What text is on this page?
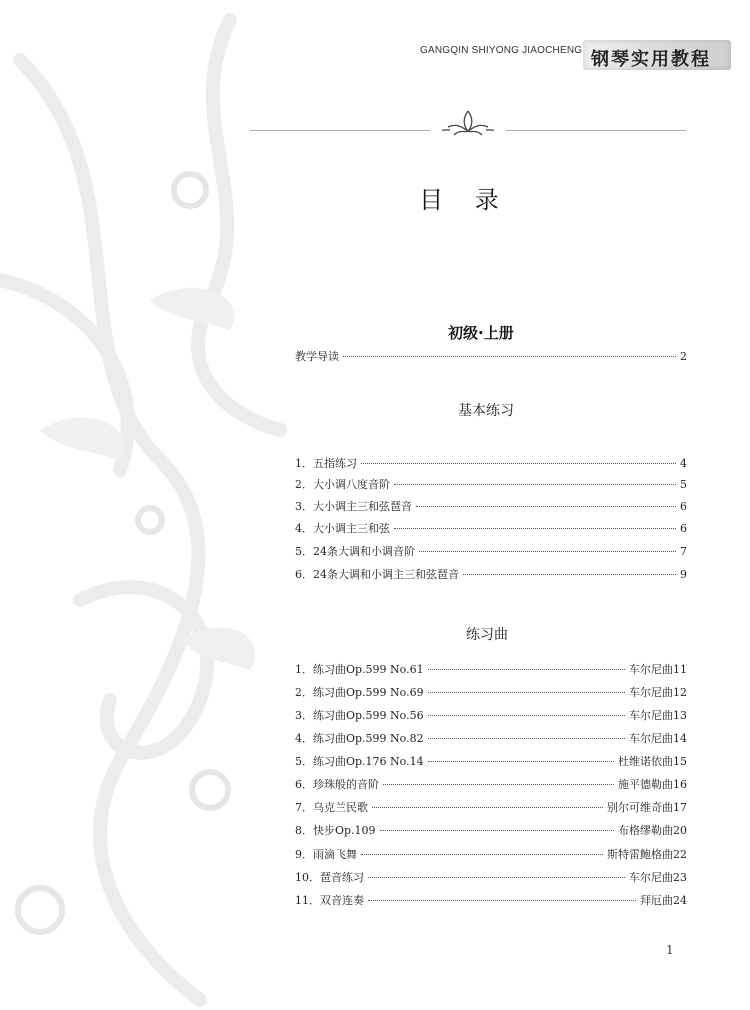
GANGQIN SHIYONG JIAOCHENG 钢琴实用教程
目 录
初级·上册
教学导读	2
基本练习
1．五指练习	4
2．大小调八度音阶	5
3．大小调主三和弦琶音	6
4．大小调主三和弦	6
5．24条大调和小调音阶	7
6．24条大调和小调主三和弦琶音	9
练习曲
1．练习曲Op.599 No.61	车尔尼曲11
2．练习曲Op.599 No.69	车尔尼曲12
3．练习曲Op.599 No.56	车尔尼曲13
4．练习曲Op.599 No.82	车尔尼曲14
5．练习曲Op.176 No.14	杜维诺依曲15
6．珍珠般的音阶	施平德勒曲16
7．乌克兰民歌	别尔可维奇曲17
8．快步Op.109	布格缪勒曲20
9．雨滴飞舞	斯特雷鲍格曲22
10．琶音练习	车尔尼曲23
11．双音连奏	拜厄曲24
1
